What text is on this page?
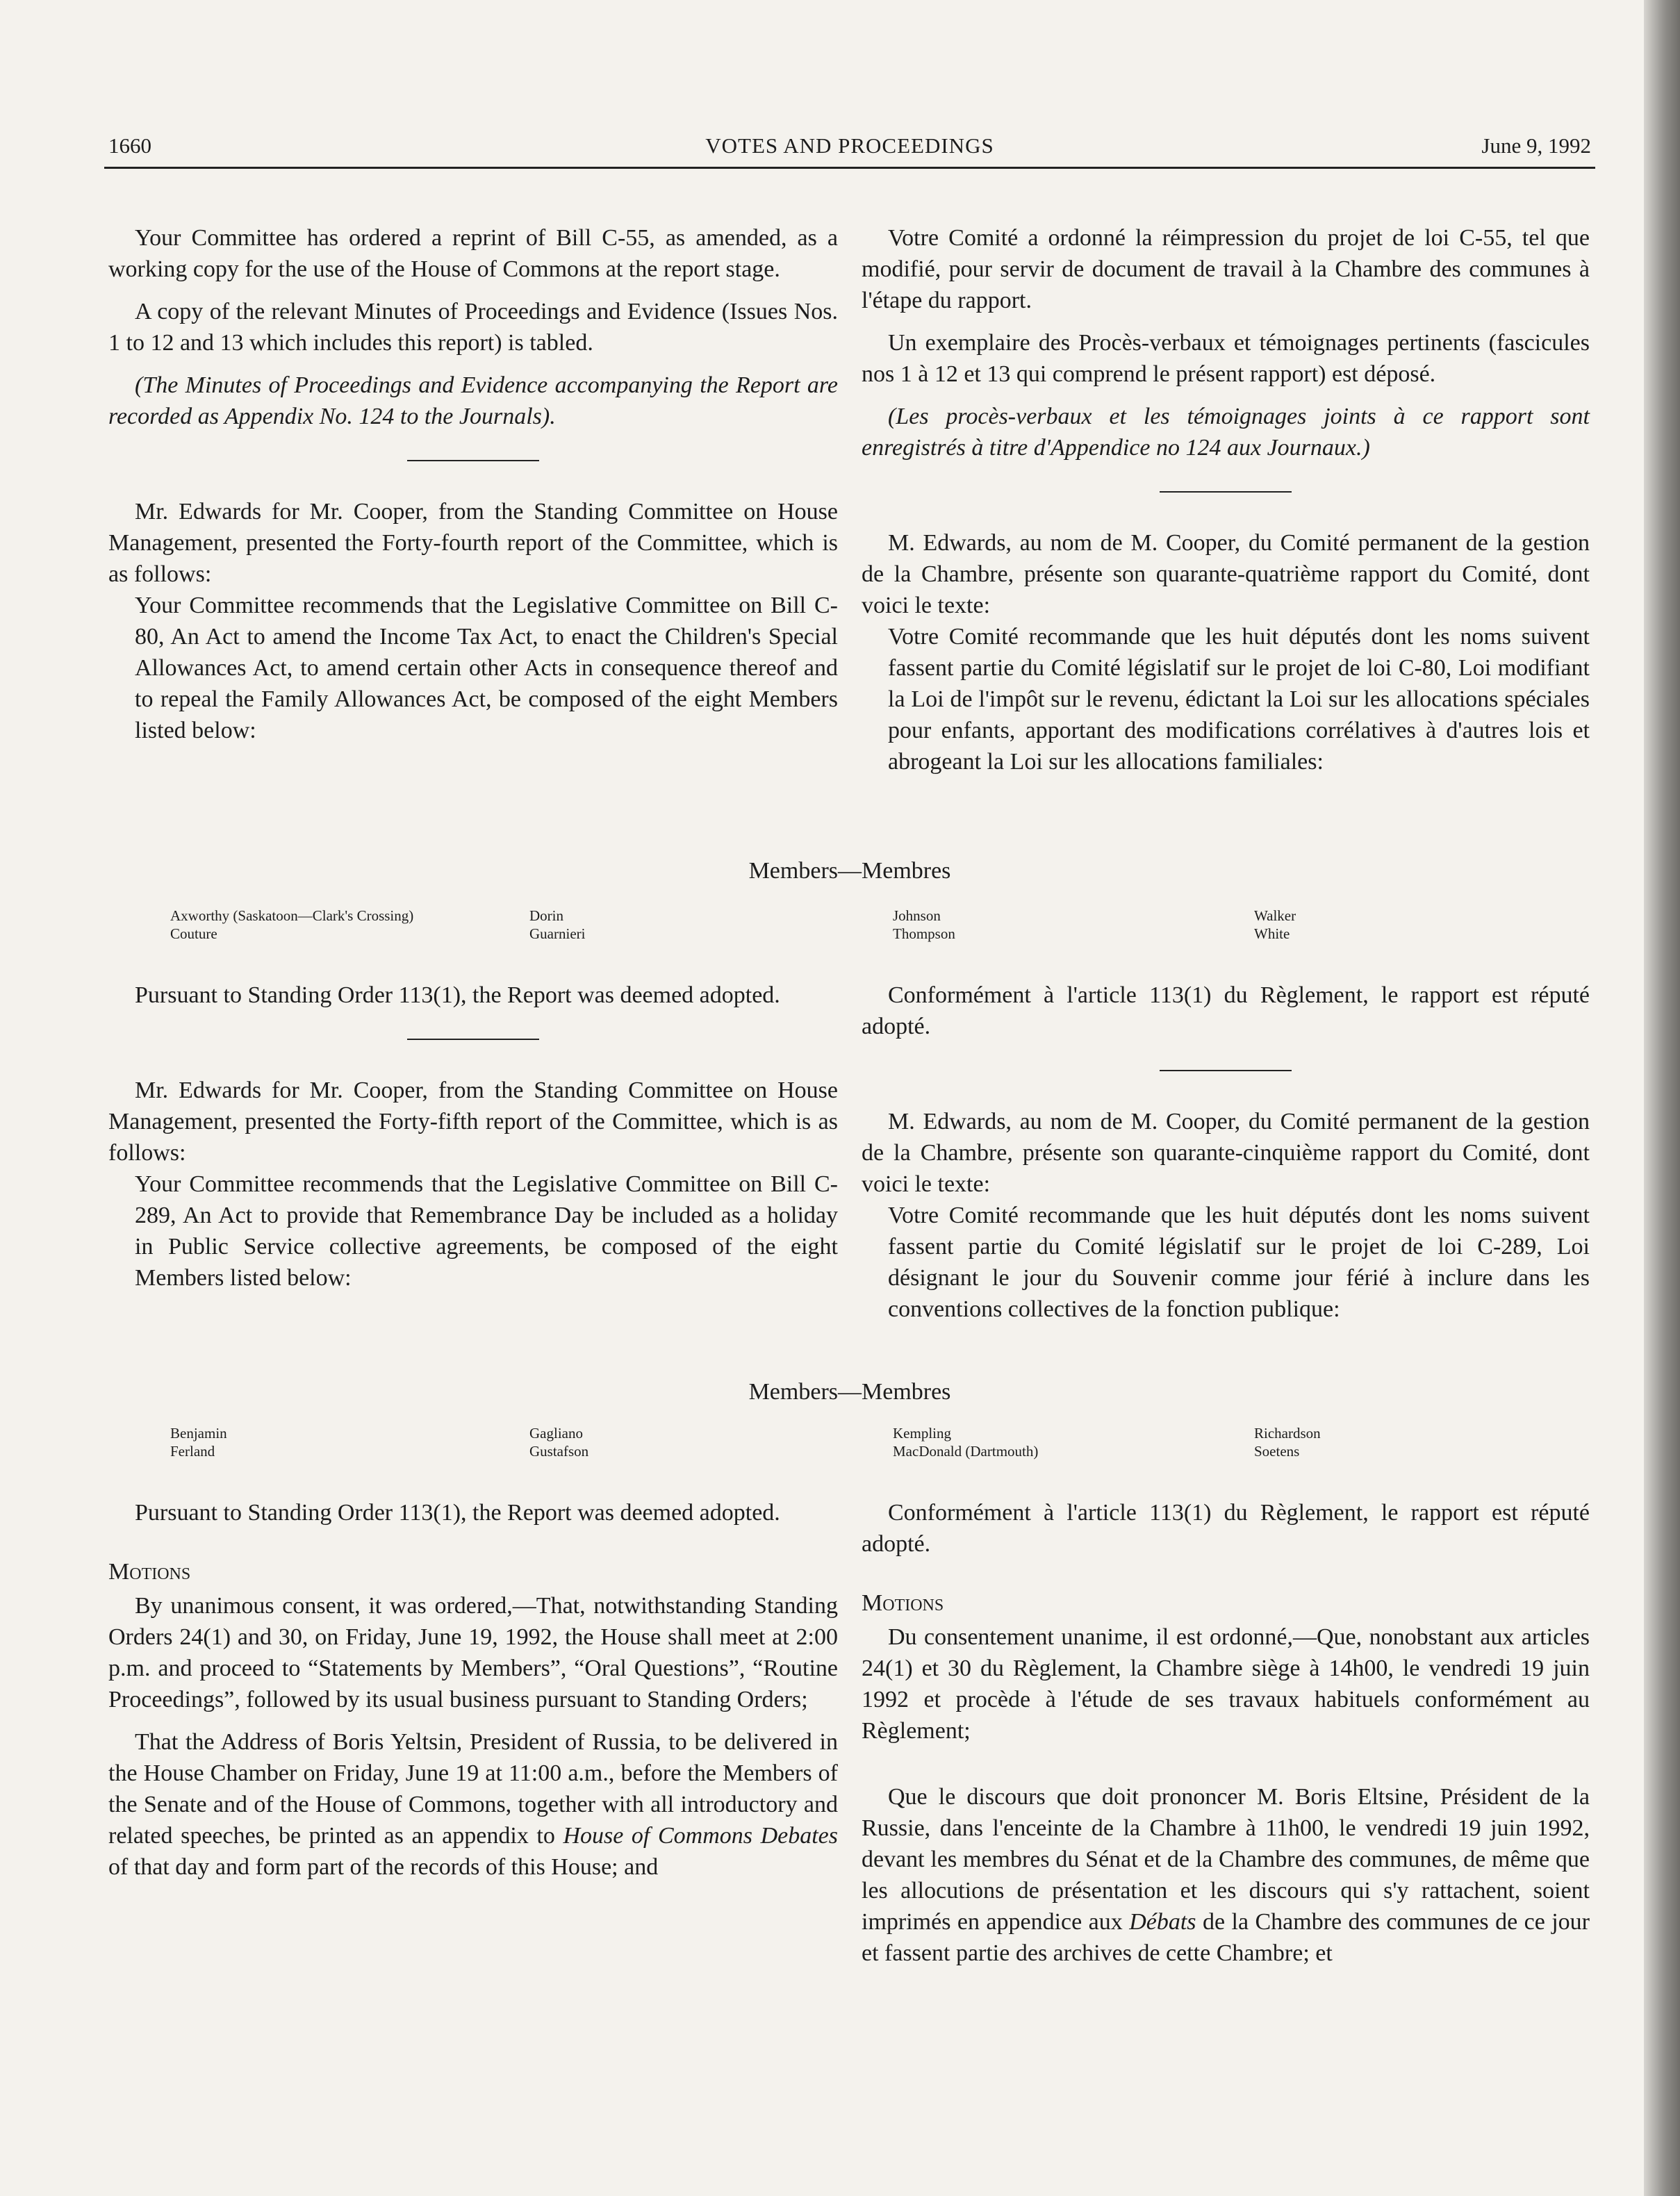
1660	VOTES AND PROCEEDINGS	June 9, 1992

Your Committee has ordered a reprint of Bill C-55, as amended, as a working copy for the use of the House of Commons at the report stage.

A copy of the relevant Minutes of Proceedings and Evidence (Issues Nos. 1 to 12 and 13 which includes this report) is tabled.

(The Minutes of Proceedings and Evidence accompanying the Report are recorded as Appendix No. 124 to the Journals).

Mr. Edwards for Mr. Cooper, from the Standing Committee on House Management, presented the Forty-fourth report of the Committee, which is as follows:

Your Committee recommends that the Legislative Committee on Bill C-80, An Act to amend the Income Tax Act, to enact the Children's Special Allowances Act, to amend certain other Acts in consequence thereof and to repeal the Family Allowances Act, be composed of the eight Members listed below:

Votre Comité a ordonné la réimpression du projet de loi C-55, tel que modifié, pour servir de document de travail à la Chambre des communes à l'étape du rapport.

Un exemplaire des Procès-verbaux et témoignages pertinents (fascicules nos 1 à 12 et 13 qui comprend le présent rapport) est déposé.

(Les procès-verbaux et les témoignages joints à ce rapport sont enregistrés à titre d'Appendice no 124 aux Journaux.)

M. Edwards, au nom de M. Cooper, du Comité permanent de la gestion de la Chambre, présente son quarante-quatrième rapport du Comité, dont voici le texte:

Votre Comité recommande que les huit députés dont les noms suivent fassent partie du Comité législatif sur le projet de loi C-80, Loi modifiant la Loi de l'impôt sur le revenu, édictant la Loi sur les allocations spéciales pour enfants, apportant des modifications corrélatives à d'autres lois et abrogeant la Loi sur les allocations familiales:

Members—Membres
Axworthy (Saskatoon—Clark's Crossing)
Couture
Dorin
Guarnieri
Johnson
Thompson
Walker
White

Pursuant to Standing Order 113(1), the Report was deemed adopted.

Mr. Edwards for Mr. Cooper, from the Standing Committee on House Management, presented the Forty-fifth report of the Committee, which is as follows:

Your Committee recommends that the Legislative Committee on Bill C-289, An Act to provide that Remembrance Day be included as a holiday in Public Service collective agreements, be composed of the eight Members listed below:

Conformément à l'article 113(1) du Règlement, le rapport est réputé adopté.

M. Edwards, au nom de M. Cooper, du Comité permanent de la gestion de la Chambre, présente son quarante-cinquième rapport du Comité, dont voici le texte:

Votre Comité recommande que les huit députés dont les noms suivent fassent partie du Comité législatif sur le projet de loi C-289, Loi désignant le jour du Souvenir comme jour férié à inclure dans les conventions collectives de la fonction publique:

Members—Membres
Benjamin
Ferland
Gagliano
Gustafson
Kempling
MacDonald (Dartmouth)
Richardson
Soetens

Pursuant to Standing Order 113(1), the Report was deemed adopted.

Motions

By unanimous consent, it was ordered,—That, notwithstanding Standing Orders 24(1) and 30, on Friday, June 19, 1992, the House shall meet at 2:00 p.m. and proceed to “Statements by Members”, “Oral Questions”, “Routine Proceedings”, followed by its usual business pursuant to Standing Orders;

That the Address of Boris Yeltsin, President of Russia, to be delivered in the House Chamber on Friday, June 19 at 11:00 a.m., before the Members of the Senate and of the House of Commons, together with all introductory and related speeches, be printed as an appendix to House of Commons Debates of that day and form part of the records of this House; and

Conformément à l'article 113(1) du Règlement, le rapport est réputé adopté.

Motions

Du consentement unanime, il est ordonné,—Que, nonobstant aux articles 24(1) et 30 du Règlement, la Chambre siège à 14h00, le vendredi 19 juin 1992 et procède à l'étude de ses travaux habituels conformément au Règlement;

Que le discours que doit prononcer M. Boris Eltsine, Président de la Russie, dans l'enceinte de la Chambre à 11h00, le vendredi 19 juin 1992, devant les membres du Sénat et de la Chambre des communes, de même que les allocutions de présentation et les discours qui s'y rattachent, soient imprimés en appendice aux Débats de la Chambre des communes de ce jour et fassent partie des archives de cette Chambre; et
